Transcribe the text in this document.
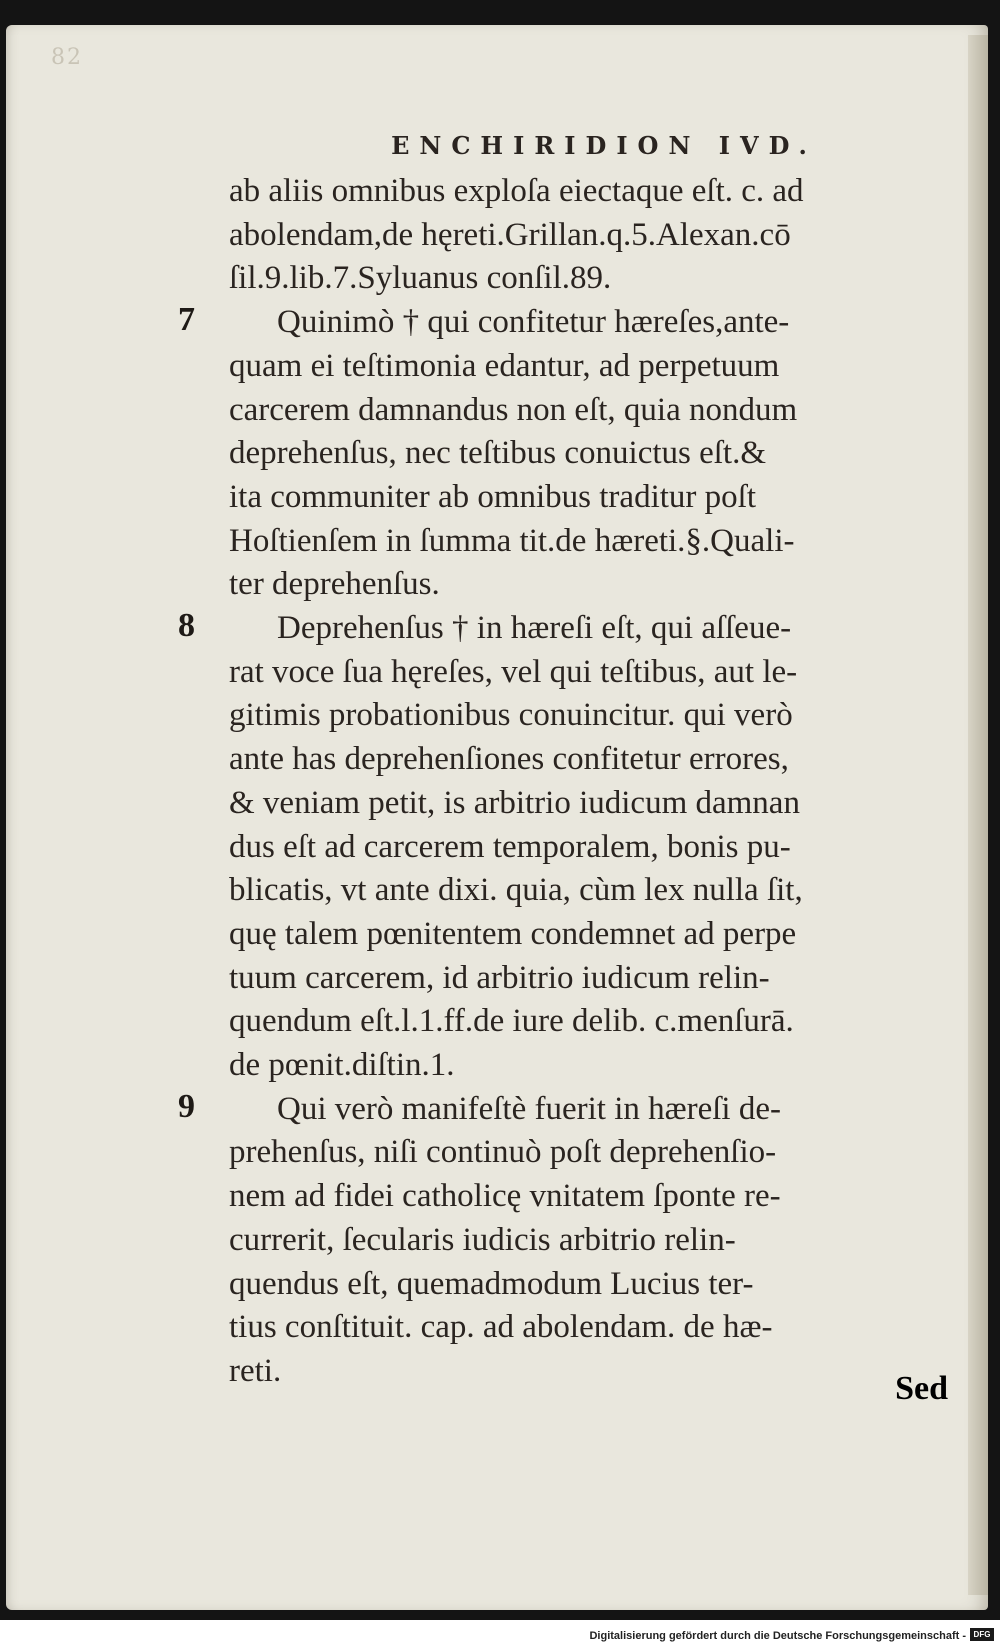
82
ENCHIRIDION IVD.
ab aliis omnibus exploſa eiectaque eſt. c. ad
abolendam,de hęreti.Grillan.q.5.Alexan.cō
ſil.9.lib.7.Syluanus conſil.89.
7	Quinimò † qui confitetur hæreſes,ante-
quam ei teſtimonia edantur, ad perpetuum
carcerem damnandus non eſt, quia nondum
deprehenſus, nec teſtibus conuictus eſt.&
ita communiter ab omnibus traditur poſt
Hoſtienſem in ſumma tit.de hæreti.§.Quali-
ter deprehenſus.
8	Deprehenſus † in hæreſi eſt, qui aſſeue-
rat voce ſua hęreſes, vel qui teſtibus, aut le-
gitimis probationibus conuincitur. qui verò
ante has deprehenſiones confitetur errores,
& veniam petit, is arbitrio iudicum damnan
dus eſt ad carcerem temporalem, bonis pu-
blicatis, vt ante dixi. quia, cùm lex nulla ſit,
quę talem pœnitentem condemnet ad perpe
tuum carcerem, id arbitrio iudicum relin-
quendum eſt.l.1.ff.de iure delib. c.menſurā.
de pœnit.diſtin.1.
9	Qui verò manifeſtè fuerit in hæreſi de-
prehenſus, niſi continuò poſt deprehenſio-
nem ad fidei catholicę vnitatem ſponte re-
currerit, ſecularis iudicis arbitrio relin-
quendus eſt, quemadmodum Lucius ter-
tius conſtituit. cap. ad abolendam. de hæ-
reti.	Sed
Digitalisierung gefördert durch die Deutsche Forschungsgemeinschaft - DFG
